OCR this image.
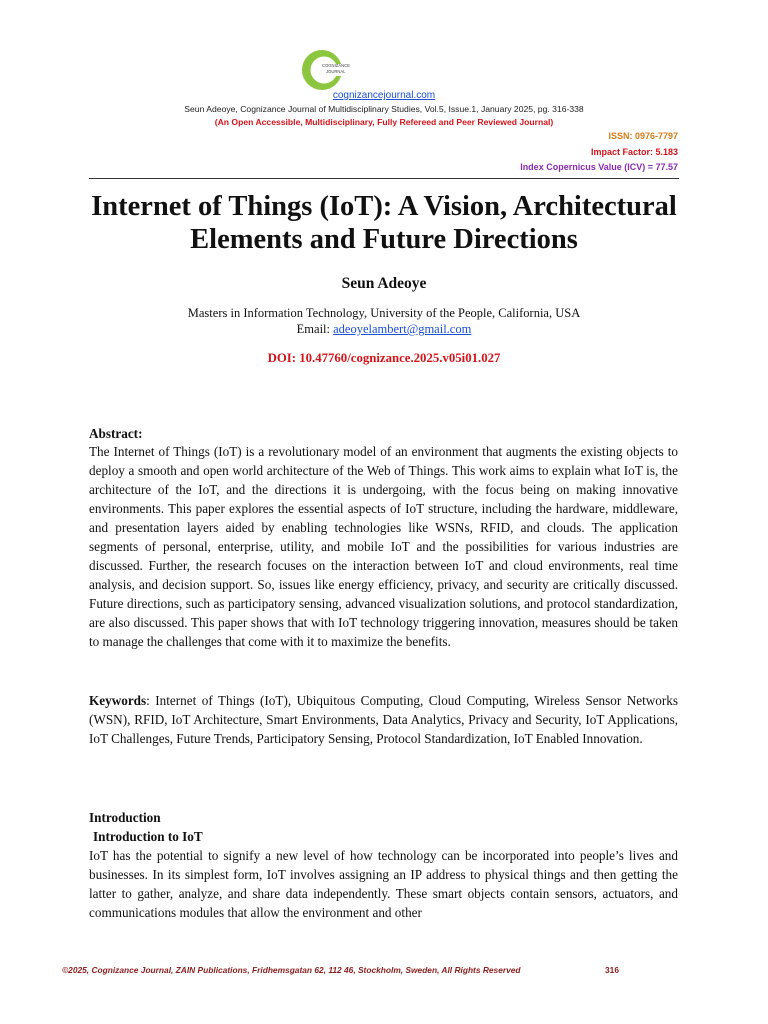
COGNIZANCE
JOURNAL
cognizancejournal.com
Seun Adeoye, Cognizance Journal of Multidisciplinary Studies, Vol.5, Issue.1, January 2025, pg. 316-338
(An Open Accessible, Multidisciplinary, Fully Refereed and Peer Reviewed Journal)
ISSN: 0976-7797
Impact Factor: 5.183
Index Copernicus Value (ICV) = 77.57
Internet of Things (IoT): A Vision, Architectural Elements and Future Directions
Seun Adeoye
Masters in Information Technology, University of the People, California, USA
Email: adeoyelambert@gmail.com
DOI: 10.47760/cognizance.2025.v05i01.027
Abstract:
The Internet of Things (IoT) is a revolutionary model of an environment that augments the existing objects to deploy a smooth and open world architecture of the Web of Things. This work aims to explain what IoT is, the architecture of the IoT, and the directions it is undergoing, with the focus being on making innovative environments. This paper explores the essential aspects of IoT structure, including the hardware, middleware, and presentation layers aided by enabling technologies like WSNs, RFID, and clouds. The application segments of personal, enterprise, utility, and mobile IoT and the possibilities for various industries are discussed. Further, the research focuses on the interaction between IoT and cloud environments, real time analysis, and decision support. So, issues like energy efficiency, privacy, and security are critically discussed. Future directions, such as participatory sensing, advanced visualization solutions, and protocol standardization, are also discussed. This paper shows that with IoT technology triggering innovation, measures should be taken to manage the challenges that come with it to maximize the benefits.
Keywords: Internet of Things (IoT), Ubiquitous Computing, Cloud Computing, Wireless Sensor Networks (WSN), RFID, IoT Architecture, Smart Environments, Data Analytics, Privacy and Security, IoT Applications, IoT Challenges, Future Trends, Participatory Sensing, Protocol Standardization, IoT Enabled Innovation.
Introduction
Introduction to IoT
IoT has the potential to signify a new level of how technology can be incorporated into people’s lives and businesses. In its simplest form, IoT involves assigning an IP address to physical things and then getting the latter to gather, analyze, and share data independently. These smart objects contain sensors, actuators, and communications modules that allow the environment and other
©2025, Cognizance Journal, ZAIN Publications, Fridhemsgatan 62, 112 46, Stockholm, Sweden, All Rights Reserved	316
